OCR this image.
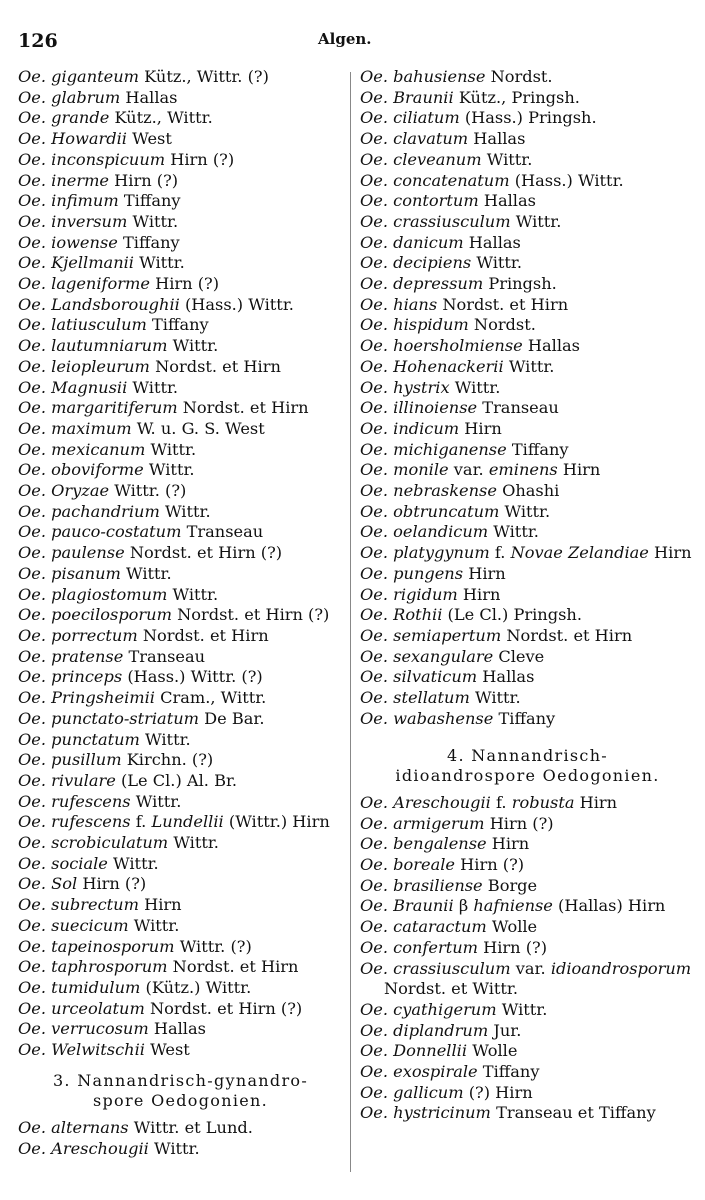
126	Algen.
Oe. giganteum Kütz., Wittr. (?)
Oe. glabrum Hallas
Oe. grande Kütz., Wittr.
Oe. Howardii West
Oe. inconspicuum Hirn (?)
Oe. inerme Hirn (?)
Oe. infimum Tiffany
Oe. inversum Wittr.
Oe. iowense Tiffany
Oe. Kjellmanii Wittr.
Oe. lageniforme Hirn (?)
Oe. Landsboroughii (Hass.) Wittr.
Oe. latiusculum Tiffany
Oe. lautumniarum Wittr.
Oe. leiopleurum Nordst. et Hirn
Oe. Magnusii Wittr.
Oe. margaritiferum Nordst. et Hirn
Oe. maximum W. u. G. S. West
Oe. mexicanum Wittr.
Oe. oboviforme Wittr.
Oe. Oryzae Wittr. (?)
Oe. pachandrium Wittr.
Oe. pauco-costatum Transeau
Oe. paulense Nordst. et Hirn (?)
Oe. pisanum Wittr.
Oe. plagiostomum Wittr.
Oe. poecilosporum Nordst. et Hirn (?)
Oe. porrectum Nordst. et Hirn
Oe. pratense Transeau
Oe. princeps (Hass.) Wittr. (?)
Oe. Pringsheimii Cram., Wittr.
Oe. punctato-striatum De Bar.
Oe. punctatum Wittr.
Oe. pusillum Kirchn. (?)
Oe. rivulare (Le Cl.) Al. Br.
Oe. rufescens Wittr.
Oe. rufescens f. Lundellii (Wittr.) Hirn
Oe. scrobiculatum Wittr.
Oe. sociale Wittr.
Oe. Sol Hirn (?)
Oe. subrectum Hirn
Oe. suecicum Wittr.
Oe. tapeinosporum Wittr. (?)
Oe. taphrosporum Nordst. et Hirn
Oe. tumidulum (Kütz.) Wittr.
Oe. urceolatum Nordst. et Hirn (?)
Oe. verrucosum Hallas
Oe. Welwitschii West
3. Nannandrisch-gynandro-
spore Oedogonien.
Oe. alternans Wittr. et Lund.
Oe. Areschougii Wittr.
Oe. bahusiense Nordst.
Oe. Braunii Kütz., Pringsh.
Oe. ciliatum (Hass.) Pringsh.
Oe. clavatum Hallas
Oe. cleveanum Wittr.
Oe. concatenatum (Hass.) Wittr.
Oe. contortum Hallas
Oe. crassiusculum Wittr.
Oe. danicum Hallas
Oe. decipiens Wittr.
Oe. depressum Pringsh.
Oe. hians Nordst. et Hirn
Oe. hispidum Nordst.
Oe. hoersholmiense Hallas
Oe. Hohenackerii Wittr.
Oe. hystrix Wittr.
Oe. illinoiense Transeau
Oe. indicum Hirn
Oe. michiganense Tiffany
Oe. monile var. eminens Hirn
Oe. nebraskense Ohashi
Oe. obtruncatum Wittr.
Oe. oelandicum Wittr.
Oe. platygynum f. Novae Zelandiae Hirn
Oe. pungens Hirn
Oe. rigidum Hirn
Oe. Rothii (Le Cl.) Pringsh.
Oe. semiapertum Nordst. et Hirn
Oe. sexangulare Cleve
Oe. silvaticum Hallas
Oe. stellatum Wittr.
Oe. wabashense Tiffany
4. Nannandrisch-
idioandrospore Oedogonien.
Oe. Areschougii f. robusta Hirn
Oe. armigerum Hirn (?)
Oe. bengalense Hirn
Oe. boreale Hirn (?)
Oe. brasiliense Borge
Oe. Braunii β hafniense (Hallas) Hirn
Oe. cataractum Wolle
Oe. confertum Hirn (?)
Oe. crassiusculum var. idioandrosporum Nordst. et Wittr.
Oe. cyathigerum Wittr.
Oe. diplandrum Jur.
Oe. Donnellii Wolle
Oe. exospirale Tiffany
Oe. gallicum (?) Hirn
Oe. hystricinum Transeau et Tiffany
